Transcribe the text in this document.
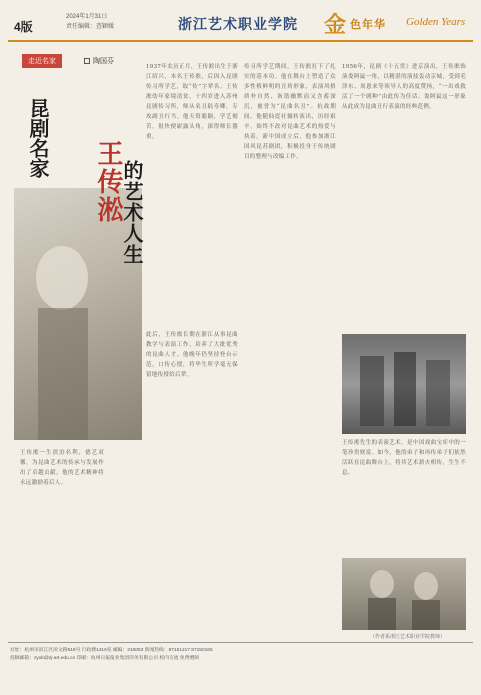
4版
2024年1月31日
责任编辑：查颖媛	浙江艺术职业学院 金 色年华 Golden Years
走近名家	陶国芬
昆剧名家
王传淞
的艺术人生
1937年农历正月，王传淞出生于浙江绍兴，本名王传淞，后因入昆剧传习所学艺，取“传”字辈名。王传淞幼年家境清贫，十四岁进入苏州昆剧传习所，师从名丑陆寿卿，专攻副丑行当。他天资聪颖，学艺刻苦，很快便崭露头角，深得师长器重。
传习所学艺期间，王传淞打下了扎实的基本功。他在舞台上塑造了众多性格鲜明的丑角形象，表演风格质朴自然、诙谐幽默而又含蓄深沉，被誉为“昆曲名丑”。抗战期间，他随仙霓社辗转演出，历经艰辛，始终不改对昆曲艺术的热爱与执着。新中国成立后，他参加浙江国风昆苏剧团，积极投身于传统剧目的整理与改编工作。
1956年，昆剧《十五贯》进京演出，王传淞饰演娄阿鼠一角，以精湛的演技轰动京城，受到毛泽东、周恩来等领导人的高度赞扬，“一出戏救活了一个剧种”由此传为佳话。娄阿鼠这一形象从此成为昆曲丑行表演的经典范例。
此后，王传淞长期在浙江从事昆曲教学与表演工作，培养了大批优秀的昆曲人才。他晚年仍坚持登台示范，口传心授，将毕生所学毫无保留地传授给后辈。
王传淞一生淡泊名利，德艺双馨，为昆曲艺术的传承与发展作出了卓越贡献，他的艺术精神将永远激励着后人。
王传淞先生的表演艺术，是中国戏曲宝库中的一笔珍贵财富。如今，他的弟子和再传弟子们依然活跃在昆曲舞台上，将其艺术薪火相传，生生不息。
（作者系浙江艺术职业学院教师）
社址：杭州市滨江区滨文路518号 行政楼1416室 邮编：310053 新闻热线：87151217 87150165
投稿邮箱：zyxb@zj-art.edu.cn 印刷：杭州日报报业集团印务有限公司 校内交流 免费赠阅
